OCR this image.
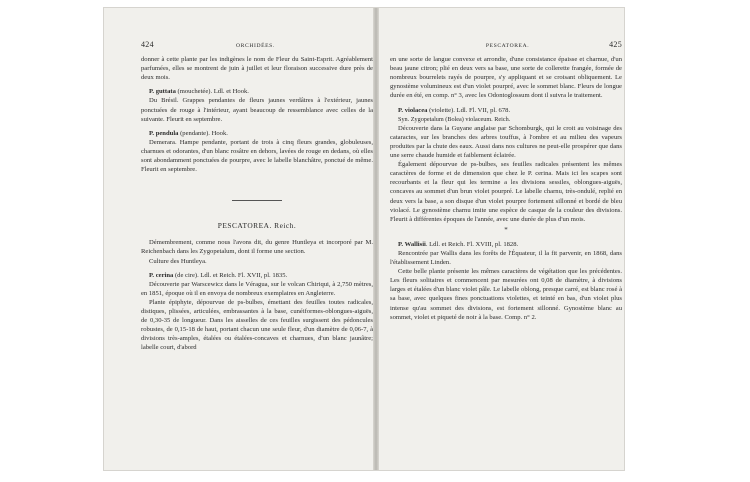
424	ORCHIDÉES.

donner à cette plante par les indigènes le nom de Fleur du Saint-Esprit. Agréablement parfumées, elles se montrent de juin à juillet et leur floraison successive dure près de deux mois.

P. guttata (mouchetée). Ldl. et Hook.

Du Brésil. Grappes pendantes de fleurs jaunes verdâtres à l'extérieur, jaunes ponctuées de rouge à l'intérieur, ayant beaucoup de ressemblance avec celles de la suivante. Fleurit en septembre.

P. pendula (pendante). Hook.

Demerara. Hampe pendante, portant de trois à cinq fleurs grandes, globuleuses, charnues et odorantes, d'un blanc rosâtre en dehors, lavées de rouge en dedans, où elles sont abondamment ponctuées de pourpre, avec le labelle blanchâtre, ponctué de même. Fleurit en septembre.

PESCATOREA. Reich.

Démembrement, comme nous l'avons dit, du genre Huntleya et incorporé par M. Reichenbach dans les Zygopetalum, dont il forme une section.

Culture des Huntleya.

P. cerina (de cire). Ldl. et Reich. Fl. XVII, pl. 1835.

Découverte par Warscewicz dans le Véragua, sur le volcan Chiriqui, à 2,750 mètres, en 1851, époque où il en envoya de nombreux exemplaires en Angleterre.

Plante épiphyte, dépourvue de ps-bulbes, émettant des feuilles toutes radicales, distiques, plissées, articulées, embrassantes à la base, cunéiformes-oblongues-aiguës, de 0,30-35 de longueur. Dans les aisselles de ces feuilles surgissent des pédoncules robustes, de 0,15-18 de haut, portant chacun une seule fleur, d'un diamètre de 0,06-7, à divisions très-amples, étalées ou étalées-concaves et charnues, d'un blanc jaunâtre; labelle court, d'abord

PESCATOREA.	425

en une sorte de langue convexe et arrondie, d'une consistance épaisse et charnue, d'un beau jaune citron; plié en deux vers sa base, une sorte de collerette frangée, formée de nombreux bourrelets rayés de pourpre, s'y appliquant et se croisant obliquement. Le gynostème volumineux est d'un violet pourpré, avec le sommet blanc. Fleurs de longue durée en été, en comp. n° 3, avec les Odontoglossum dont il suivra le traitement.

P. violacea (violette). Ldl. Fl. VII, pl. 678.

Syn. Zygopetalum (Bolea) violaceum. Reich.

Découverte dans la Guyane anglaise par Schomburgk, qui le croit au voisinage des cataractes, sur les branches des arbres touffus, à l'ombre et au milieu des vapeurs produites par la chute des eaux. Aussi dans nos cultures ne peut-elle prospérer que dans une serre chaude humide et faiblement éclairée.

Également dépourvue de ps-bulbes, ses feuilles radicales présentent les mêmes caractères de forme et de dimension que chez le P. cerina. Mais ici les scapes sont recourbants et la fleur qui les termine a les divisions sessiles, oblongues-aiguës, concaves au sommet d'un brun violet pourpré. Le labelle charnu, très-ondulé, replié en deux vers la base, a son disque d'un violet pourpre fortement sillonné et bordé de bleu violacé. Le gynostème charnu imite une espèce de casque de la couleur des divisions. Fleurit à différentes époques de l'année, avec une durée de plus d'un mois.

*

P. Wallisii. Ldl. et Reich. Fl. XVIII, pl. 1828.

Rencontrée par Wallis dans les forêts de l'Équateur, il la fit parvenir, en 1868, dans l'établissement Linden.

Cette belle plante présente les mêmes caractères de végétation que les précédentes. Les fleurs solitaires et commencent par mesurées ont 0,08 de diamètre, à divisions larges et étalées d'un blanc violet pâle. Le labelle oblong, presque carré, est blanc rosé à sa base, avec quelques fines ponctuations violettes, et teinté en bas, d'un violet plus intense qu'au sommet des divisions, est fortement sillonné. Gynostème blanc au sommet, violet et piqueté de noir à la base. Comp. n° 2.
